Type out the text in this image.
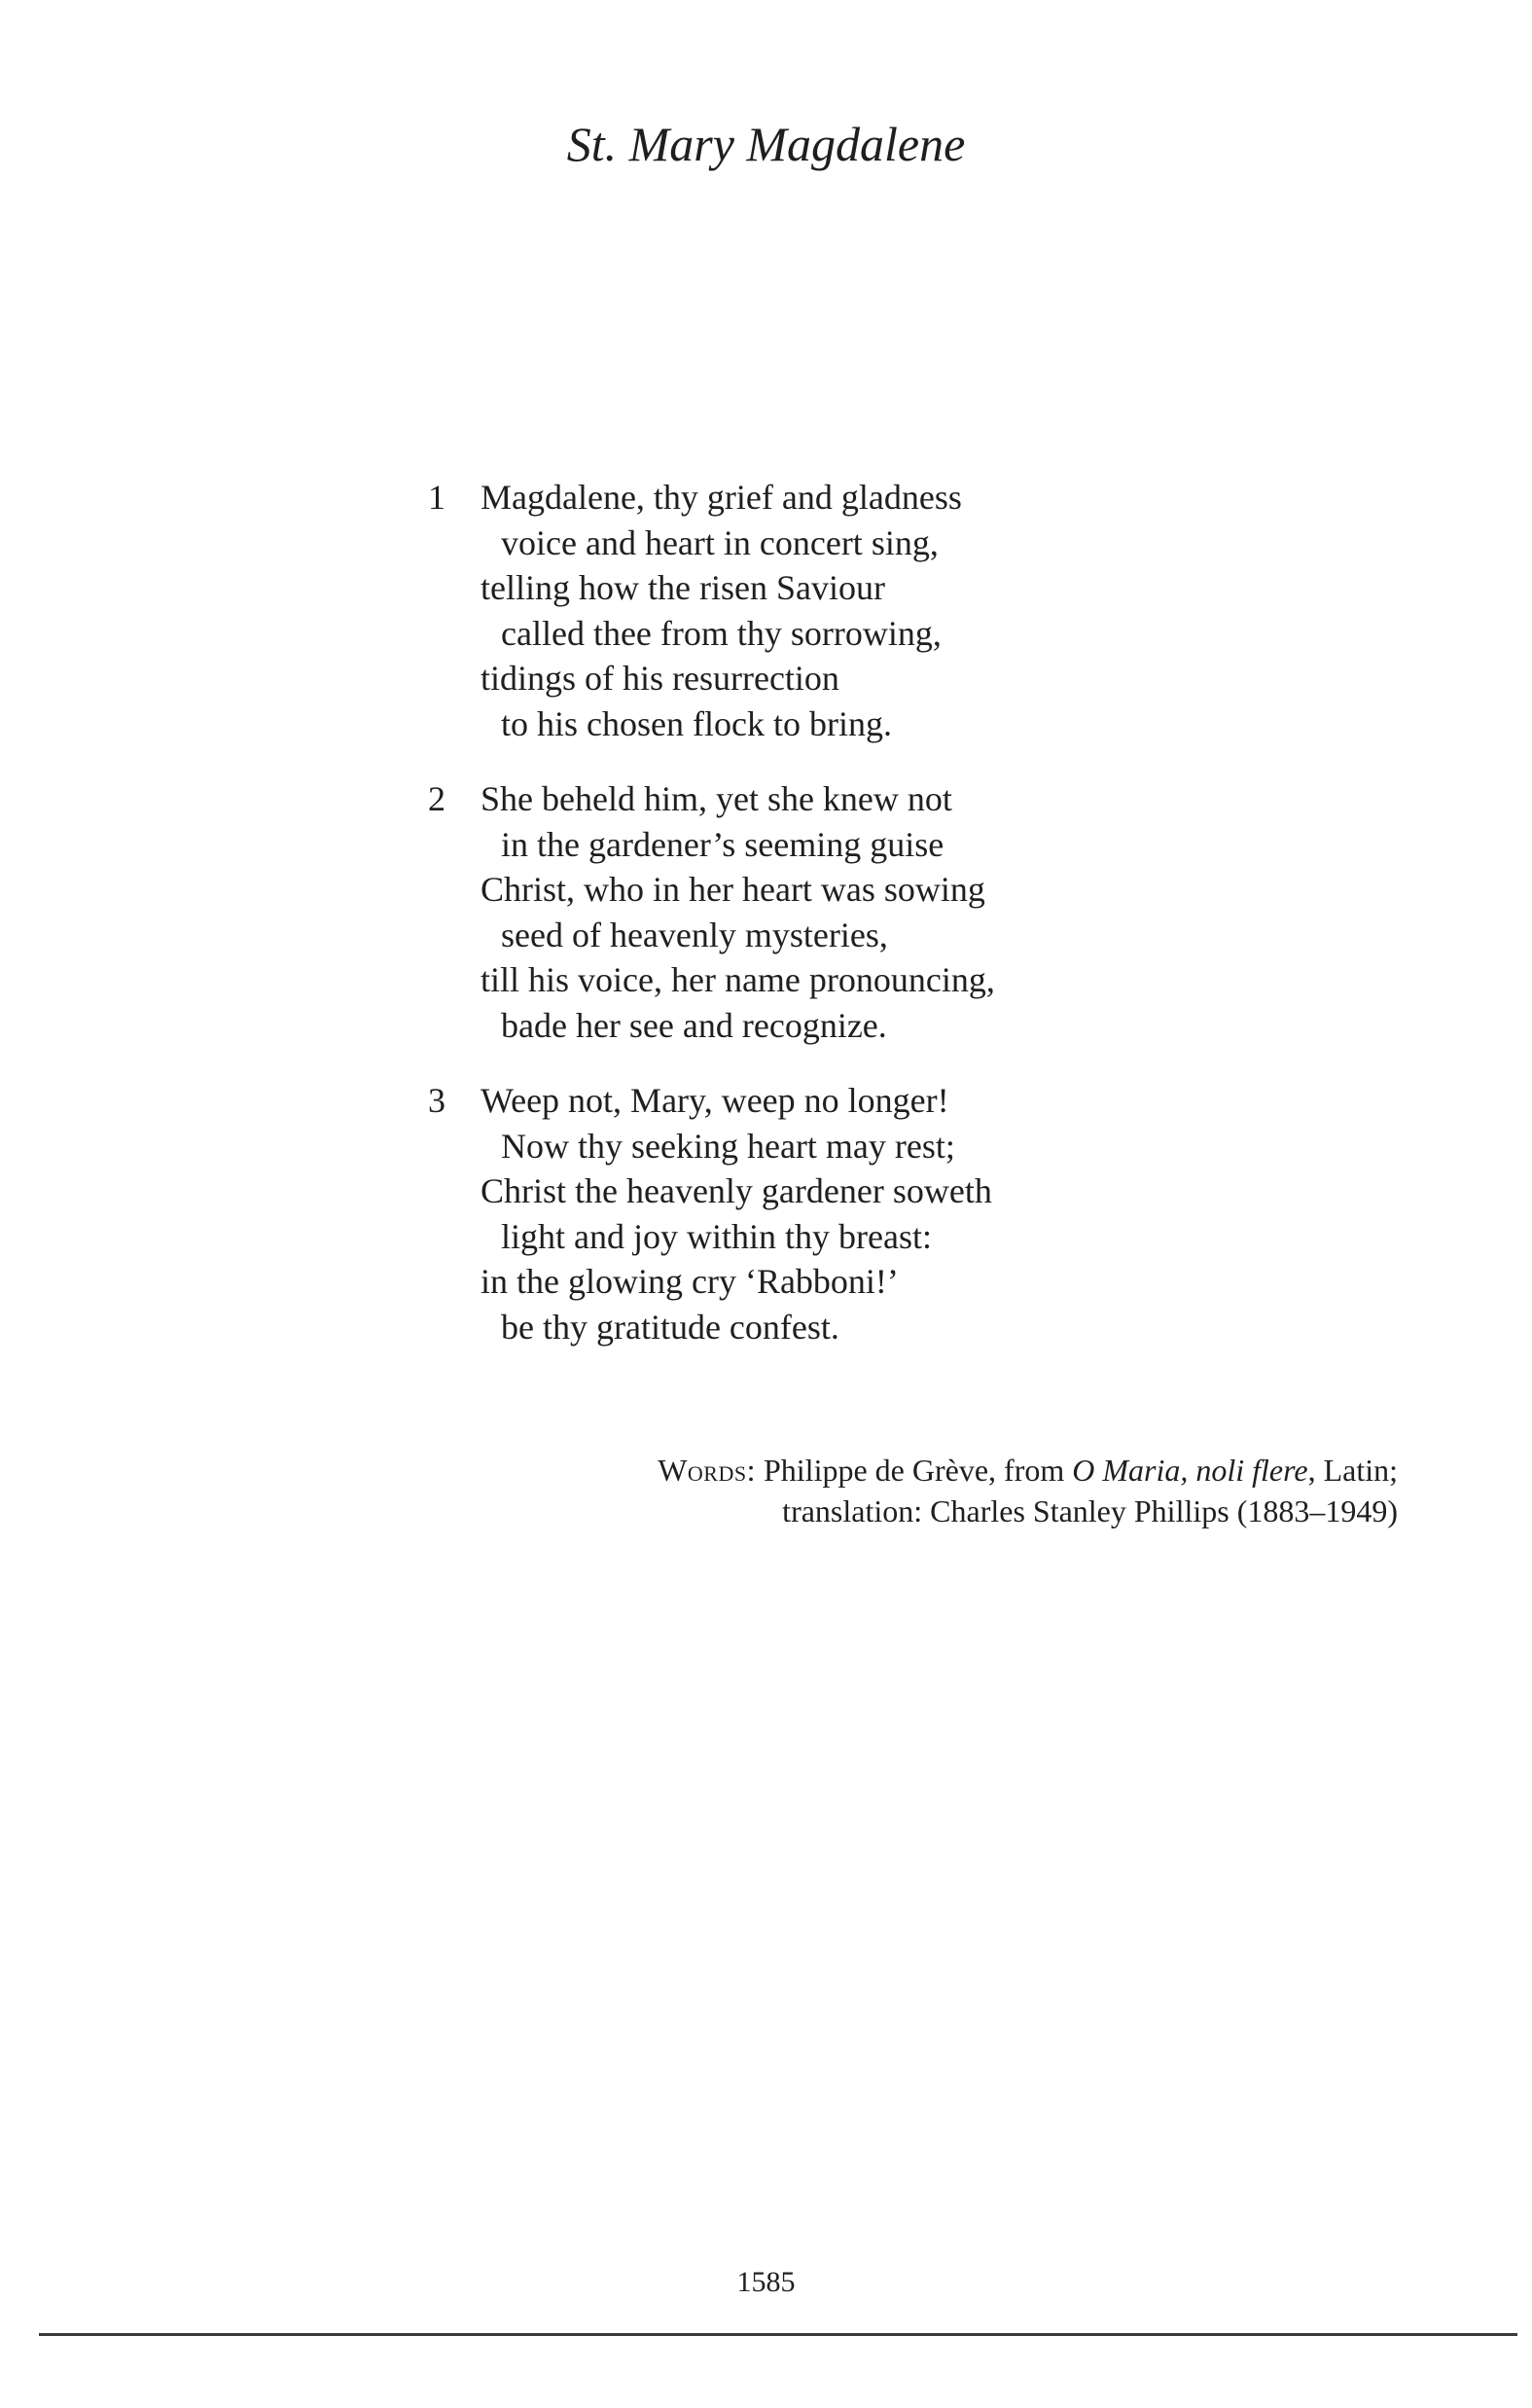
St. Mary Magdalene
1 Magdalene, thy grief and gladness
voice and heart in concert sing,
telling how the risen Saviour
called thee from thy sorrowing,
tidings of his resurrection
to his chosen flock to bring.
2 She beheld him, yet she knew not
in the gardener’s seeming guise
Christ, who in her heart was sowing
seed of heavenly mysteries,
till his voice, her name pronouncing,
bade her see and recognize.
3 Weep not, Mary, weep no longer!
Now thy seeking heart may rest;
Christ the heavenly gardener soweth
light and joy within thy breast:
in the glowing cry ‘Rabboni!’
be thy gratitude confest.
Words: Philippe de Grève, from O Maria, noli flere, Latin;
translation: Charles Stanley Phillips (1883–1949)
1585
